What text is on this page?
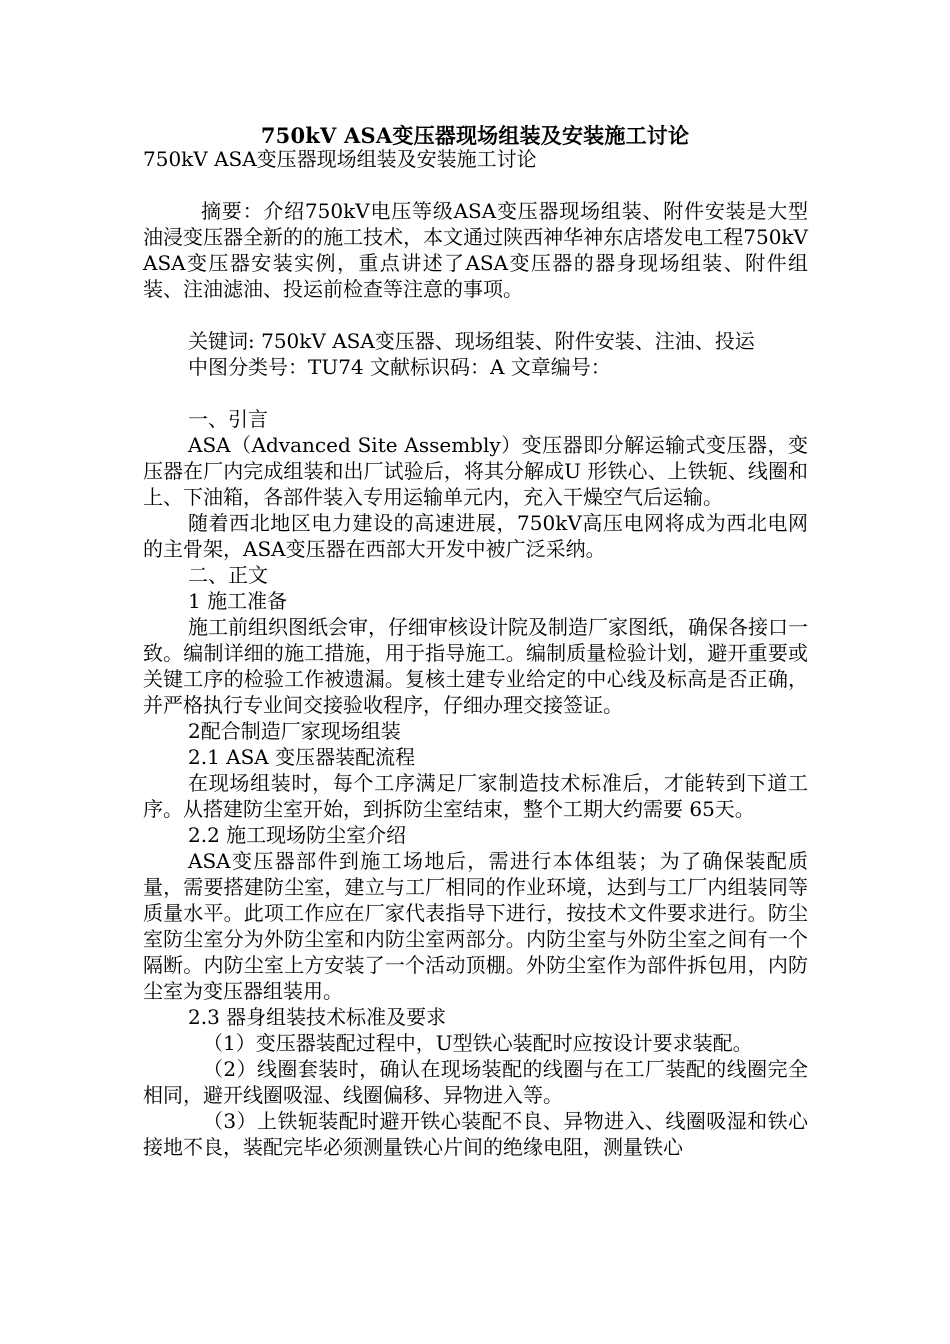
750kV ASA变压器现场组装及安装施工讨论

750kV ASA变压器现场组装及安装施工讨论

摘要：介绍750kV电压等级ASA变压器现场组装、附件安装是大型油浸变压器全新的的施工技术，本文通过陕西神华神东店塔发电工程750kV ASA变压器安装实例，重点讲述了ASA变压器的器身现场组装、附件组装、注油滤油、投运前检查等注意的事项。

关键词: 750kV ASA变压器、现场组装、附件安装、注油、投运

中图分类号：TU74 文献标识码：A 文章编号：

一、引言

ASA（Advanced Site Assembly）变压器即分解运输式变压器，变压器在厂内完成组装和出厂试验后，将其分解成U 形铁心、上铁轭、线圈和上、下油箱，各部件装入专用运输单元内，充入干燥空气后运输。

随着西北地区电力建设的高速进展，750kV高压电网将成为西北电网的主骨架，ASA变压器在西部大开发中被广泛采纳。

二、正文

1 施工准备

施工前组织图纸会审，仔细审核设计院及制造厂家图纸，确保各接口一致。编制详细的施工措施，用于指导施工。编制质量检验计划，避开重要或关键工序的检验工作被遗漏。复核土建专业给定的中心线及标高是否正确，并严格执行专业间交接验收程序，仔细办理交接签证。

2配合制造厂家现场组装

2.1 ASA 变压器装配流程

在现场组装时，每个工序满足厂家制造技术标准后，才能转到下道工序。从搭建防尘室开始，到拆防尘室结束，整个工期大约需要 65天。

2.2 施工现场防尘室介绍

ASA变压器部件到施工场地后，需进行本体组装；为了确保装配质量，需要搭建防尘室，建立与工厂相同的作业环境，达到与工厂内组装同等质量水平。此项工作应在厂家代表指导下进行，按技术文件要求进行。防尘室防尘室分为外防尘室和内防尘室两部分。内防尘室与外防尘室之间有一个隔断。内防尘室上方安装了一个活动顶棚。外防尘室作为部件拆包用，内防尘室为变压器组装用。

2.3 器身组装技术标准及要求

（1）变压器装配过程中，U型铁心装配时应按设计要求装配。

（2）线圈套装时，确认在现场装配的线圈与在工厂装配的线圈完全相同，避开线圈吸湿、线圈偏移、异物进入等。

（3）上铁轭装配时避开铁心装配不良、异物进入、线圈吸湿和铁心接地不良，装配完毕必须测量铁心片间的绝缘电阻，测量铁心
